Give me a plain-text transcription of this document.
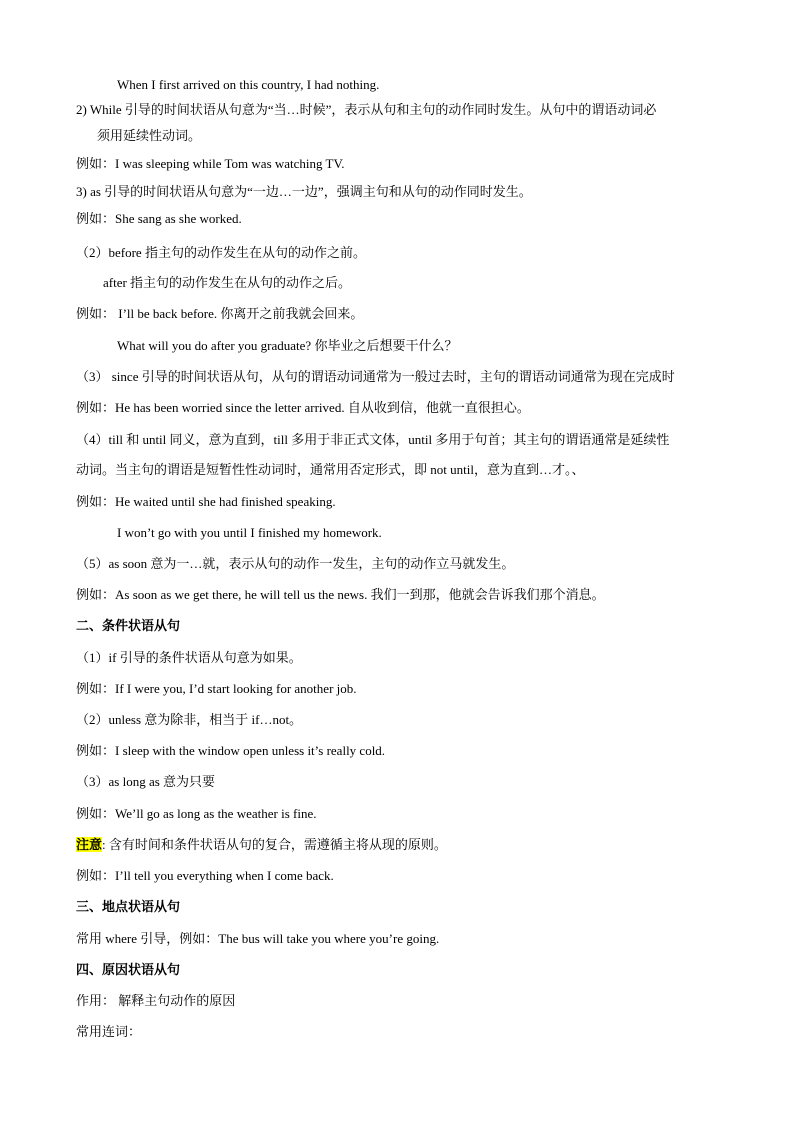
When I first arrived on this country, I had nothing.
2) While 引导的时间状语从句意为“当…时候”，表示从句和主句的动作同时发生。从句中的谓语动词必
须用延续性动词。
例如：I was sleeping while Tom was watching TV.
3) as 引导的时间状语从句意为“一边…一边”，强调主句和从句的动作同时发生。
例如：She sang as she worked.
（2）before 指主句的动作发生在从句的动作之前。
after 指主句的动作发生在从句的动作之后。
例如： I’ll be back before. 你离开之前我就会回来。
What will you do after you graduate? 你毕业之后想要干什么？
（3） since 引导的时间状语从句，从句的谓语动词通常为一般过去时，主句的谓语动词通常为现在完成时
例如：He has been worried since the letter arrived. 自从收到信，他就一直很担心。
（4）till 和 until 同义，意为直到，till 多用于非正式文体，until 多用于句首；其主句的谓语通常是延续性
动词。当主句的谓语是短暂性性动词时，通常用否定形式，即 not until，意为直到…才。、
例如：He waited until she had finished speaking.
I won’t go with you until I finished my homework.
（5）as soon 意为一…就，表示从句的动作一发生，主句的动作立马就发生。
例如：As soon as we get there, he will tell us the news. 我们一到那，他就会告诉我们那个消息。
二、条件状语从句
（1）if 引导的条件状语从句意为如果。
例如：If I were you, I’d start looking for another job.
（2）unless 意为除非，相当于 if…not。
例如：I sleep with the window open unless it’s really cold.
（3）as long as 意为只要
例如：We’ll go as long as the weather is fine.
注意: 含有时间和条件状语从句的复合，需遵循主将从现的原则。
例如：I’ll tell you everything when I come back.
三、地点状语从句
常用 where 引导，例如：The bus will take you where you’re going.
四、原因状语从句
作用： 解释主句动作的原因
常用连词：
